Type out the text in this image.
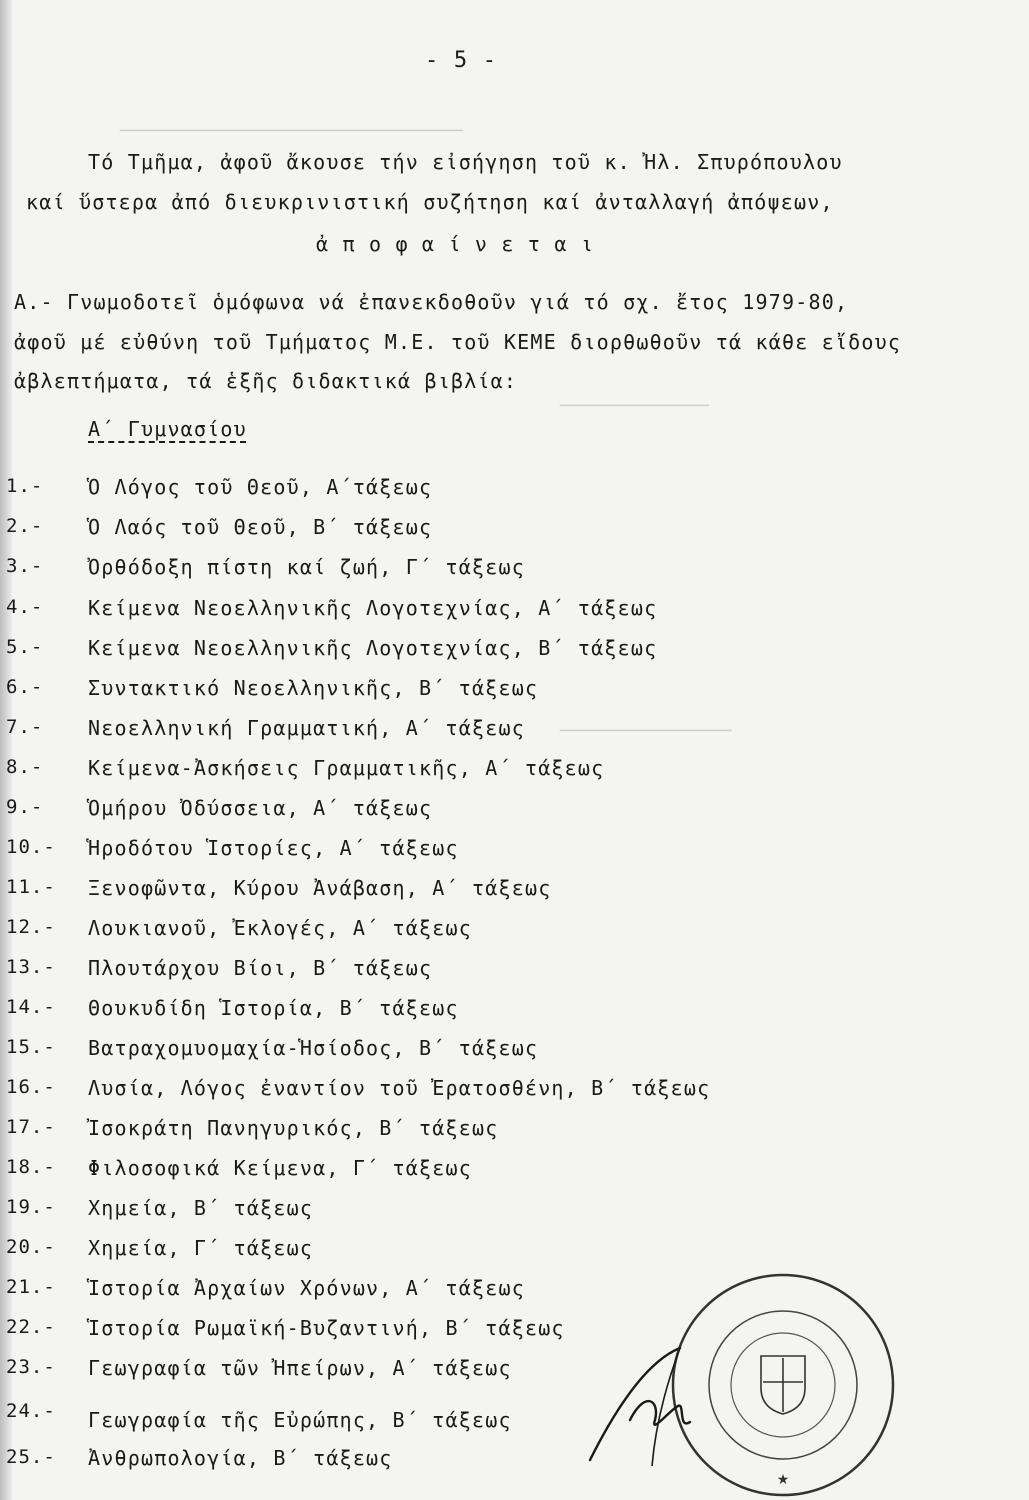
──────────────────────────────
─────────────
───────────────
- 5 -
Τό Τμῆμα, ἀφοῦ ἄκουσε τήν εἰσήγηση τοῦ κ. Ἠλ. Σπυρόπουλου
καί ὕστερα ἀπό διευκρινιστική συζήτηση καί ἀνταλλαγή ἀπόψεων,
ἀ π ο φ α ί ν ε τ α ι
Α.- Γνωμοδοτεῖ ὁμόφωνα νά ἐπανεκδοθοῦν γιά τό σχ. ἔτος 1979-80,
ἀφοῦ μέ εὐθύνη τοῦ Τμήματος Μ.Ε. τοῦ ΚΕΜΕ διορθωθοῦν τά κάθε εἴδους
ἀβλεπτήματα, τά ἑξῆς διδακτικά βιβλία:
Α΄ Γυμνασίου
1.- Ὁ Λόγος τοῦ Θεοῦ, Α΄τάξεως
2.- Ὁ Λαός τοῦ Θεοῦ, Β΄ τάξεως
3.- Ὀρθόδοξη πίστη καί ζωή, Γ΄ τάξεως
4.- Κείμενα Νεοελληνικῆς Λογοτεχνίας, Α΄ τάξεως
5.- Κείμενα Νεοελληνικῆς Λογοτεχνίας, Β΄ τάξεως
6.- Συντακτικό Νεοελληνικῆς, Β΄ τάξεως
7.- Νεοελληνική Γραμματική, Α΄ τάξεως
8.- Κείμενα-Ἀσκήσεις Γραμματικῆς, Α΄ τάξεως
9.- Ὁμήρου Ὀδύσσεια, Α΄ τάξεως
10.- Ἡροδότου Ἱστορίες, Α΄ τάξεως
11.- Ξενοφῶντα, Κύρου Ἀνάβαση, Α΄ τάξεως
12.- Λουκιανοῦ, Ἐκλογές, Α΄ τάξεως
13.- Πλουτάρχου Βίοι, Β΄ τάξεως
14.- Θουκυδίδη Ἱστορία, Β΄ τάξεως
15.- Βατραχομυομαχία-Ἡσίοδος, Β΄ τάξεως
16.- Λυσία, Λόγος ἐναντίον τοῦ Ἐρατοσθένη, Β΄ τάξεως
17.- Ἰσοκράτη Πανηγυρικός, Β΄ τάξεως
18.- Φιλοσοφικά Κείμενα, Γ΄ τάξεως
19.- Χημεία, Β΄ τάξεως
20.- Χημεία, Γ΄ τάξεως
21.- Ἱστορία Ἀρχαίων Χρόνων, Α΄ τάξεως
22.- Ἱστορία Ρωμαϊκή-Βυζαντινή, Β΄ τάξεως
23.- Γεωγραφία τῶν Ἠπείρων, Α΄ τάξεως
24.- Γεωγραφία τῆς Εὐρώπης, Β΄ τάξεως
25.- Ἀνθρωπολογία, Β΄ τάξεως
★
